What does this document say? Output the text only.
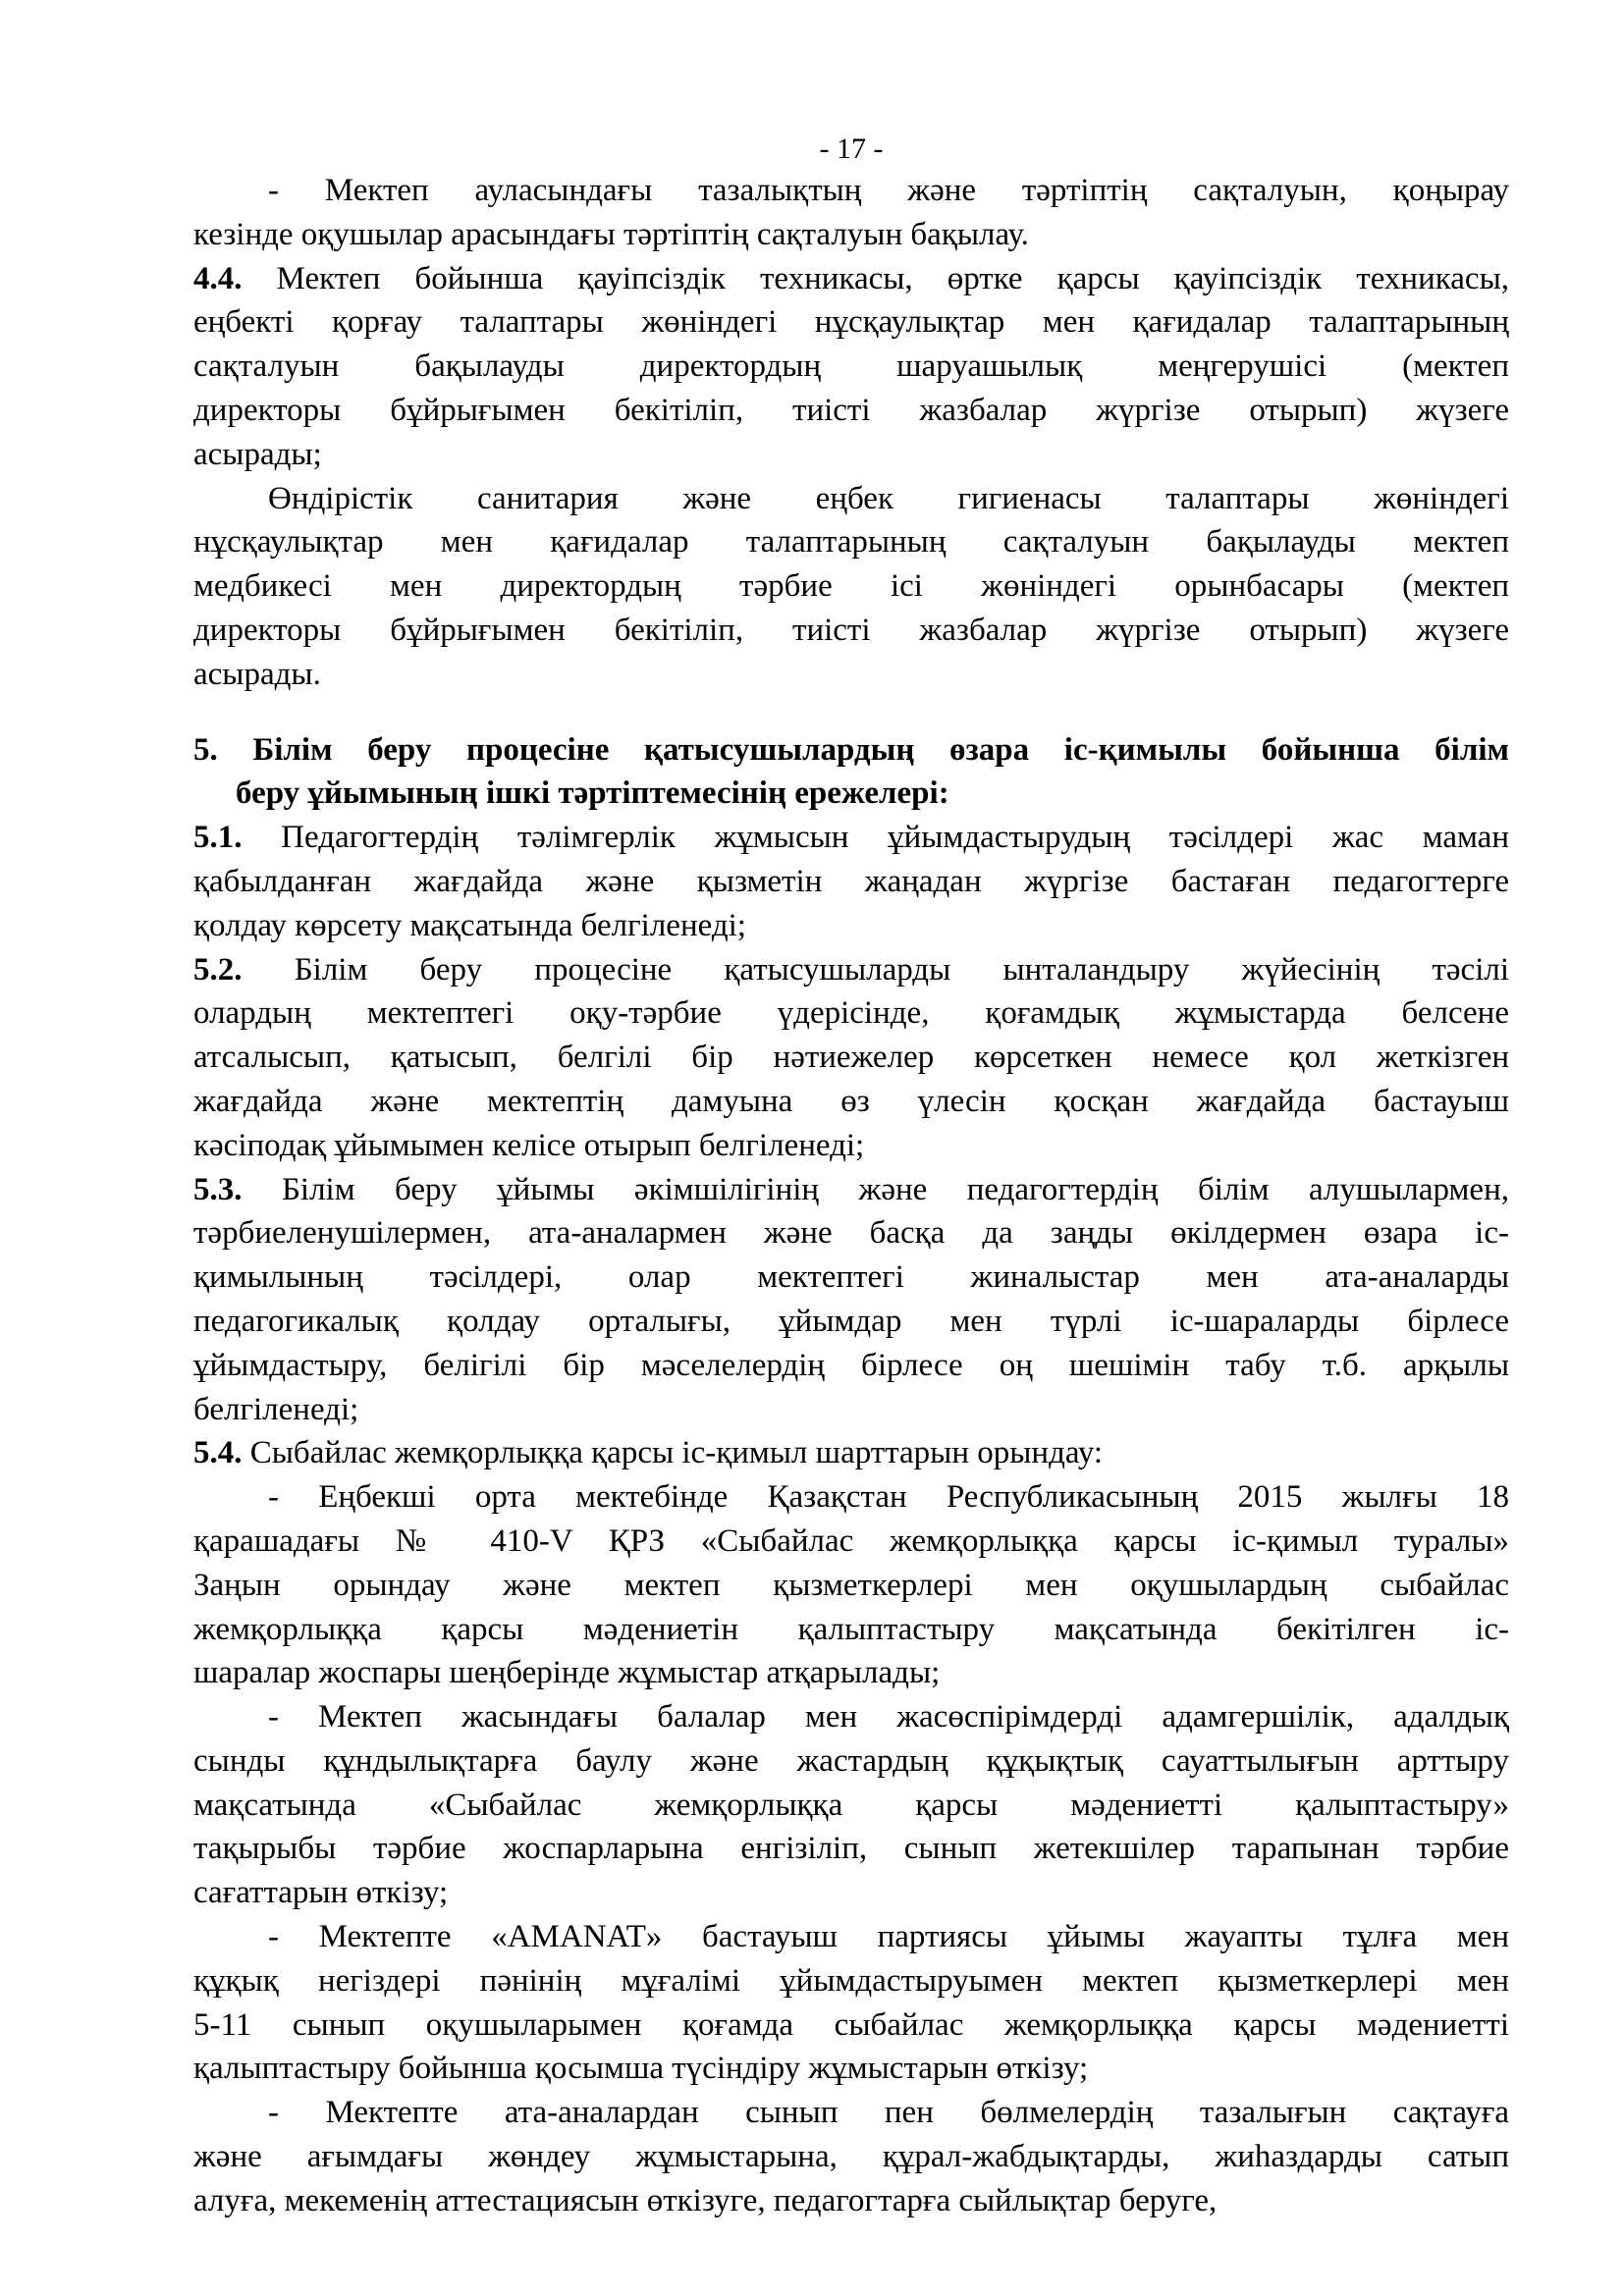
- 17 -
- Мектеп ауласындағы тазалықтың және тәртіптің сақталуын, қоңырау
кезінде оқушылар арасындағы тәртіптің сақталуын бақылау.
4.4. Мектеп бойынша қауіпсіздік техникасы, өртке қарсы қауіпсіздік техникасы,
еңбекті қорғау талаптары жөніндегі нұсқаулықтар мен қағидалар талаптарының
сақталуын бақылауды директордың шаруашылық меңгерушісі (мектеп
директоры бұйрығымен бекітіліп, тиісті жазбалар жүргізе отырып) жүзеге
асырады;
Өндірістік санитария және еңбек гигиенасы талаптары жөніндегі
нұсқаулықтар мен қағидалар талаптарының сақталуын бақылауды мектеп
медбикесі мен директордың тәрбие ісі жөніндегі орынбасары (мектеп
директоры бұйрығымен бекітіліп, тиісті жазбалар жүргізе отырып) жүзеге
асырады.
5. Білім беру процесіне қатысушылардың өзара іс-қимылы бойынша білім
беру ұйымының ішкі тәртіптемесінің ережелері:
5.1. Педагогтердің тәлімгерлік жұмысын ұйымдастырудың тәсілдері жас маман
қабылданған жағдайда және қызметін жаңадан жүргізе бастаған педагогтерге
қолдау көрсету мақсатында белгіленеді;
5.2. Білім беру процесіне қатысушыларды ынталандыру жүйесінің тәсілі
олардың мектептегі оқу-тәрбие үдерісінде, қоғамдық жұмыстарда белсене
атсалысып, қатысып, белгілі бір нәтиежелер көрсеткен немесе қол жеткізген
жағдайда және мектептің дамуына өз үлесін қосқан жағдайда бастауыш
кәсіподақ ұйымымен келісе отырып белгіленеді;
5.3. Білім беру ұйымы әкімшілігінің және педагогтердің білім алушылармен,
тәрбиеленушілермен, ата-аналармен және басқа да заңды өкілдермен өзара іс-
қимылының тәсілдері, олар мектептегі жиналыстар мен ата-аналарды
педагогикалық қолдау орталығы, ұйымдар мен түрлі іс-шараларды бірлесе
ұйымдастыру, белігілі бір мәселелердің бірлесе оң шешімін табу т.б. арқылы
белгіленеді;
5.4. Сыбайлас жемқорлыққа қарсы іс-қимыл шарттарын орындау:
- Еңбекші орта мектебінде Қазақстан Республикасының 2015 жылғы 18
қарашадағы № 410-V ҚРЗ «Сыбайлас жемқорлыққа қарсы іс-қимыл туралы»
Заңын орындау және мектеп қызметкерлері мен оқушылардың сыбайлас
жемқорлыққа қарсы мәдениетін қалыптастыру мақсатында бекітілген іс-
шаралар жоспары шеңберінде жұмыстар атқарылады;
- Мектеп жасындағы балалар мен жасөспірімдерді адамгершілік, адалдық
сынды құндылықтарға баулу және жастардың құқықтық сауаттылығын арттыру
мақсатында «Сыбайлас жемқорлыққа қарсы мәдениетті қалыптастыру»
тақырыбы тәрбие жоспарларына енгізіліп, сынып жетекшілер тарапынан тәрбие
сағаттарын өткізу;
- Мектепте «AMANAT» бастауыш партиясы ұйымы жауапты тұлға мен
құқық негіздері пәнінің мұғалімі ұйымдастыруымен мектеп қызметкерлері мен
5-11 сынып оқушыларымен қоғамда сыбайлас жемқорлыққа қарсы мәдениетті
қалыптастыру бойынша қосымша түсіндіру жұмыстарын өткізу;
- Мектепте ата-аналардан сынып пен бөлмелердің тазалығын сақтауға
және ағымдағы жөндеу жұмыстарына, құрал-жабдықтарды, жиһаздарды сатып
алуға, мекеменің аттестациясын өткізуге, педагогтарға сыйлықтар беруге,
